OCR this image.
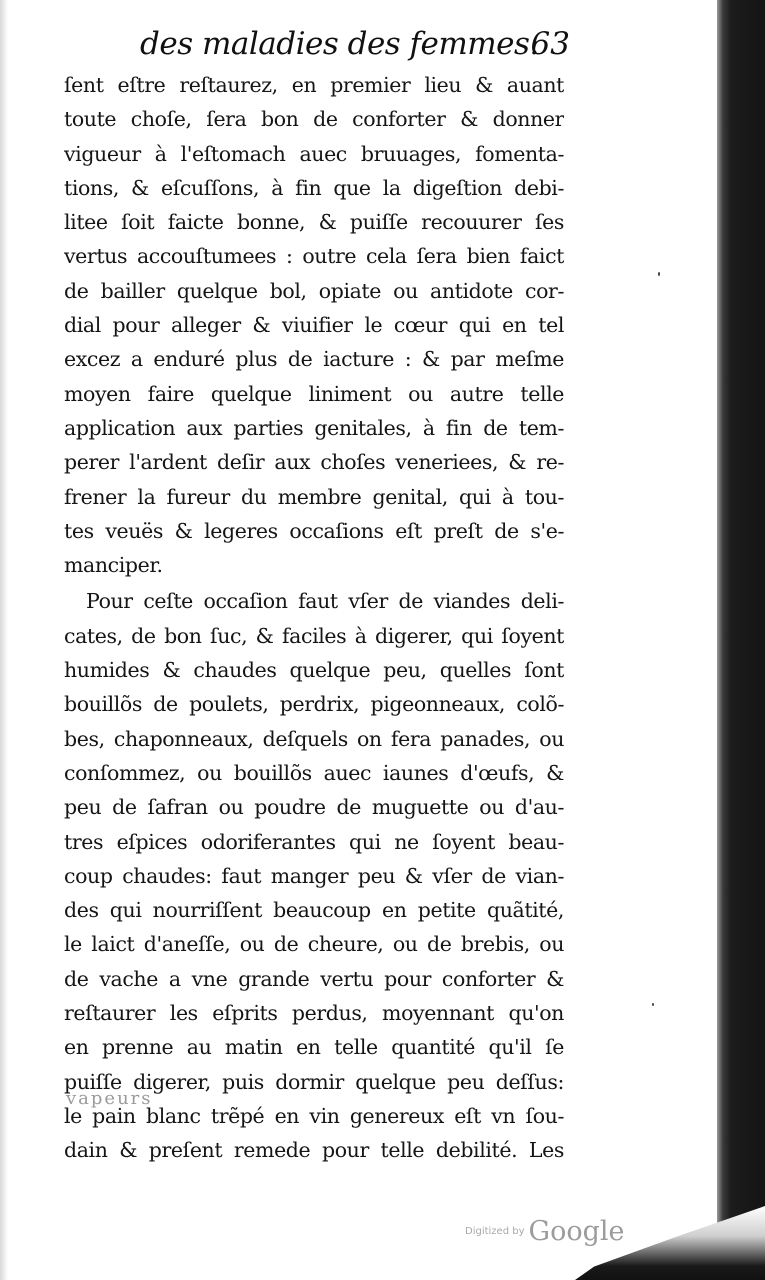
des maladies des femmes.
63
ſent eſtre reſtaurez, en premier lieu & auant
toute choſe, ſera bon de conforter & donner
vigueur à l'eſtomach auec bruuages, fomenta-
tions, & eſcuſſons, à fin que la digeſtion debi-
litee ſoit faicte bonne, & puiſſe recouurer ſes
vertus accouſtumees : outre cela ſera bien faict
de bailler quelque bol, opiate ou antidote cor-
dial pour alleger & viuifier le cœur qui en tel
excez a enduré plus de iacture : & par meſme
moyen faire quelque liniment ou autre telle
application aux parties genitales, à fin de tem-
perer l'ardent deſir aux choſes veneriees, & re-
frener la fureur du membre genital, qui à tou-
tes veuës & legeres occaſions eſt preſt de s'e-
manciper.
Pour ceſte occaſion faut vſer de viandes deli-
cates, de bon ſuc, & faciles à digerer, qui ſoyent
humides & chaudes quelque peu, quelles ſont
bouillõs de poulets, perdrix, pigeonneaux, colõ-
bes, chaponneaux, deſquels on fera panades, ou
conſommez, ou bouillõs auec iaunes d'œufs, &
peu de ſafran ou poudre de muguette ou d'au-
tres eſpices odoriferantes qui ne ſoyent beau-
coup chaudes: faut manger peu & vſer de vian-
des qui nourriſſent beaucoup en petite quãtité,
le laict d'aneſſe, ou de cheure, ou de brebis, ou
de vache a vne grande vertu pour conforter &
reſtaurer les eſprits perdus, moyennant qu'on
en prenne au matin en telle quantité qu'il ſe
puiſſe digerer, puis dormir quelque peu deſſus:
le pain blanc trẽpé en vin genereux eſt vn ſou-
dain & preſent remede pour telle debilité. Les
vapeurs
Digitized by Google
